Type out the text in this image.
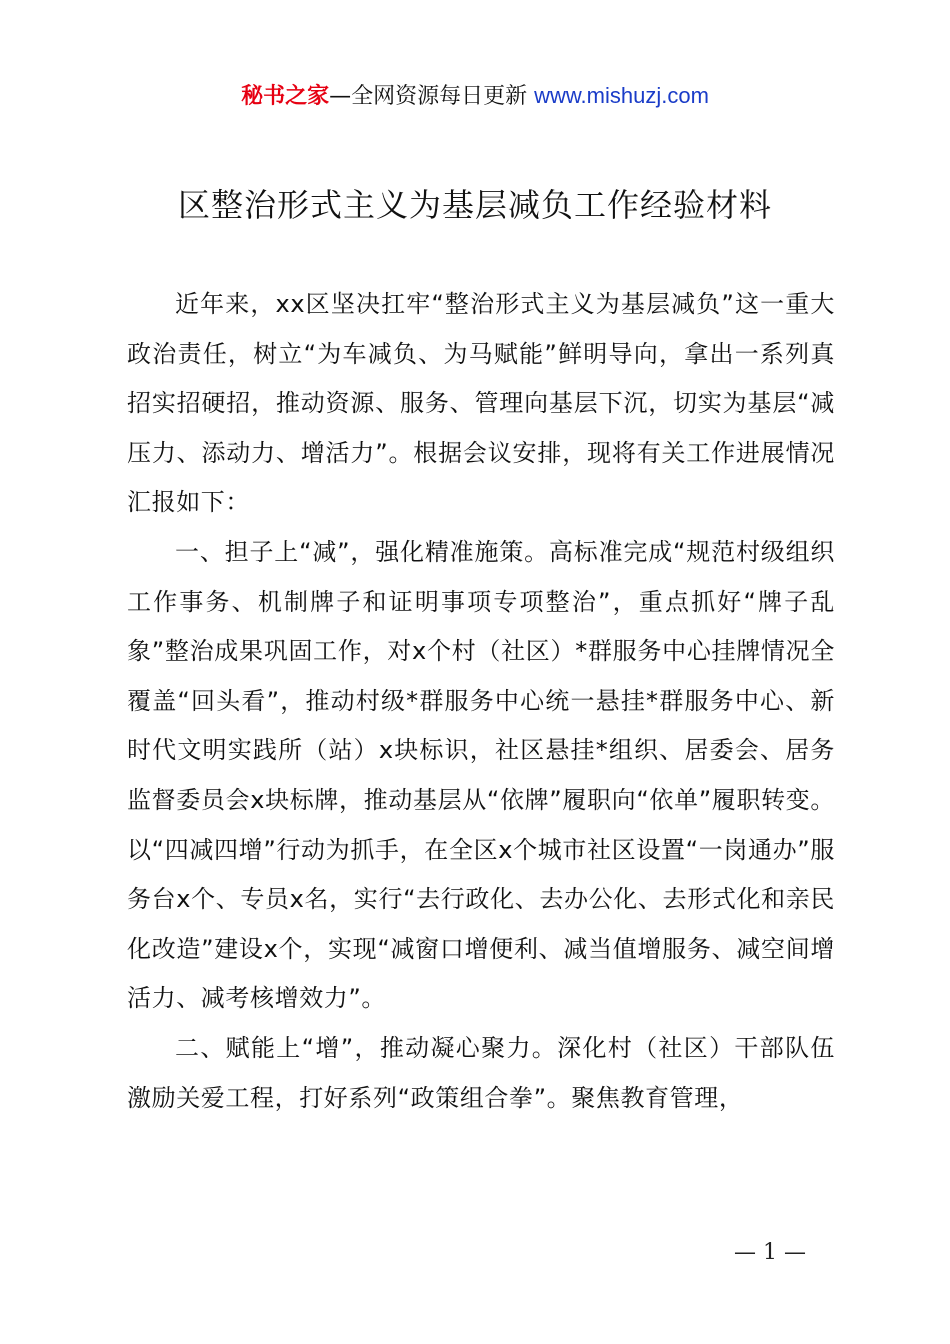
秘书之家—全网资源每日更新 www.mishuzj.com
区整治形式主义为基层减负工作经验材料

近年来，xx区坚决扛牢“整治形式主义为基层减负”这一重大政治责任，树立“为车减负、为马赋能”鲜明导向，拿出一系列真招实招硬招，推动资源、服务、管理向基层下沉，切实为基层“减压力、添动力、增活力”。根据会议安排，现将有关工作进展情况汇报如下：

一、担子上“减”，强化精准施策。高标准完成“规范村级组织工作事务、机制牌子和证明事项专项整治”，重点抓好“牌子乱象”整治成果巩固工作，对x个村（社区）*群服务中心挂牌情况全覆盖“回头看”，推动村级*群服务中心统一悬挂*群服务中心、新时代文明实践所（站）x块标识，社区悬挂*组织、居委会、居务监督委员会x块标牌，推动基层从“依牌”履职向“依单”履职转变。以“四减四增”行动为抓手，在全区x个城市社区设置“一岗通办”服务台x个、专员x名，实行“去行政化、去办公化、去形式化和亲民化改造”建设x个，实现“减窗口增便利、减当值增服务、减空间增活力、减考核增效力”。

二、赋能上“增”，推动凝心聚力。深化村（社区）干部队伍激励关爱工程，打好系列“政策组合拳”。聚焦教育管理，

— 1 —
